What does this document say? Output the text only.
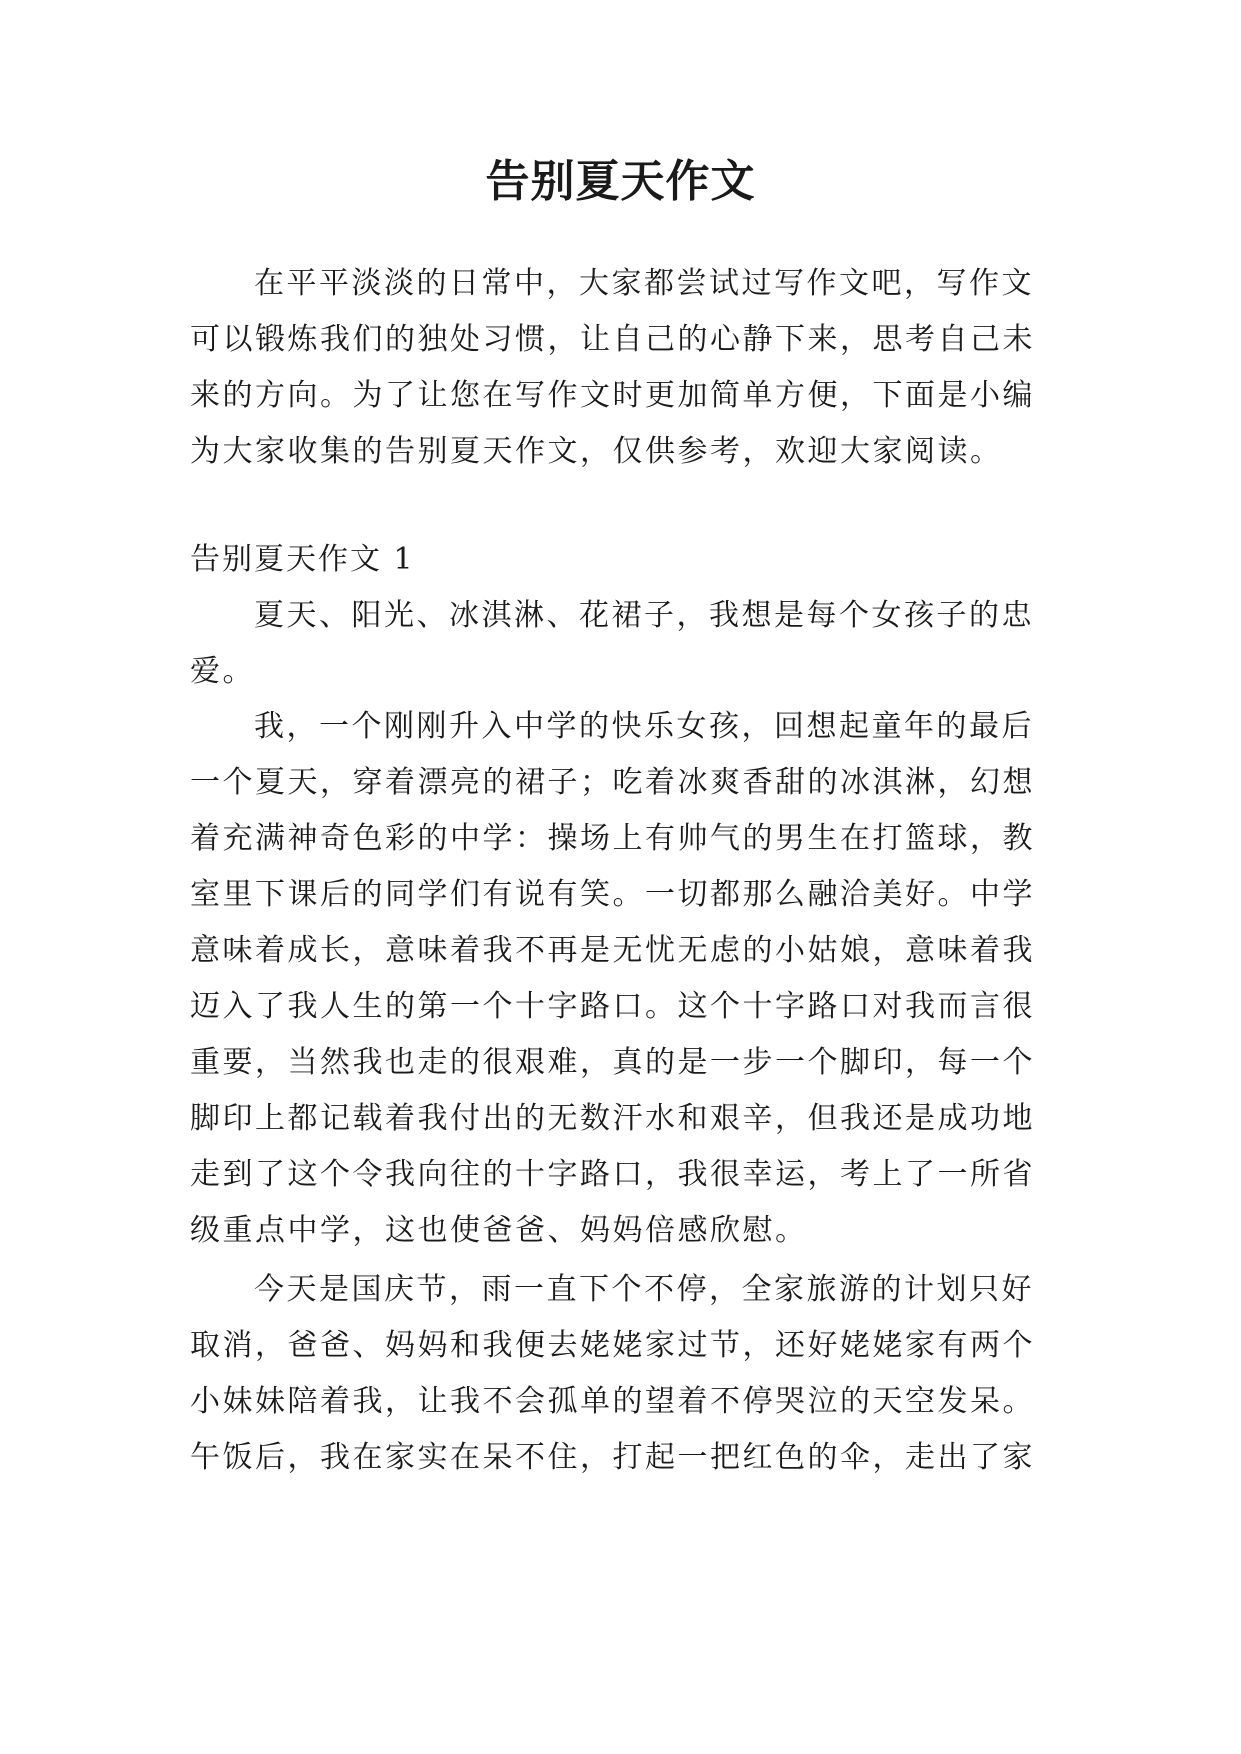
告别夏天作文

在平平淡淡的日常中，大家都尝试过写作文吧，写作文

可以锻炼我们的独处习惯，让自己的心静下来，思考自己未

来的方向。为了让您在写作文时更加简单方便，下面是小编

为大家收集的告别夏天作文，仅供参考，欢迎大家阅读。

告别夏天作文 1

夏天、阳光、冰淇淋、花裙子，我想是每个女孩子的忠

爱。

我，一个刚刚升入中学的快乐女孩，回想起童年的最后

一个夏天，穿着漂亮的裙子；吃着冰爽香甜的冰淇淋，幻想

着充满神奇色彩的中学：操场上有帅气的男生在打篮球，教

室里下课后的同学们有说有笑。一切都那么融洽美好。中学

意味着成长，意味着我不再是无忧无虑的小姑娘，意味着我

迈入了我人生的第一个十字路口。这个十字路口对我而言很

重要，当然我也走的很艰难，真的是一步一个脚印，每一个

脚印上都记载着我付出的无数汗水和艰辛，但我还是成功地

走到了这个令我向往的十字路口，我很幸运，考上了一所省

级重点中学，这也使爸爸、妈妈倍感欣慰。

今天是国庆节，雨一直下个不停，全家旅游的计划只好

取消，爸爸、妈妈和我便去姥姥家过节，还好姥姥家有两个

小妹妹陪着我，让我不会孤单的望着不停哭泣的天空发呆。

午饭后，我在家实在呆不住，打起一把红色的伞，走出了家
